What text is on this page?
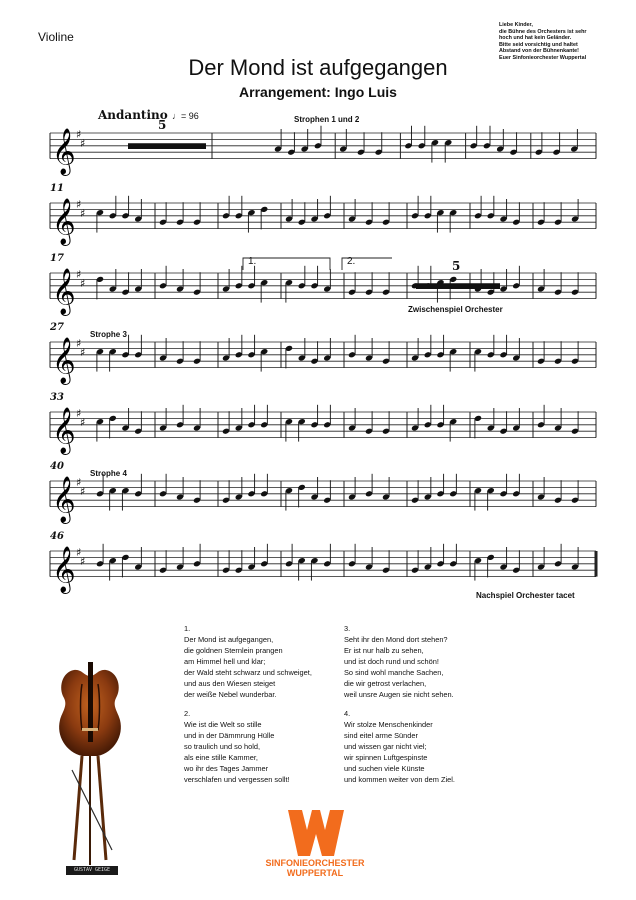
Violine
Der Mond ist aufgegangen
Arrangement: Ingo Luis
Liebe Kinder,
die Bühne des Orchesters ist sehr
hoch und hat kein Geländer.
Bitte seid vorsichtig und haltet
Abstand von der Bühnenkante!
Euer Sinfonieorchester Wuppertal
Andantino ♩= 96
𝄞 ♯
♯
𝄞 ♯
♯
𝄞 ♯
♯
𝄞 ♯
♯
𝄞 ♯
♯
𝄞 ♯
♯
𝄞 ♯
♯
11
17
27
33
40
46
5
5
Strophen 1 und 2
Strophe 3
Strophe 4
Zwischenspiel Orchester
Nachspiel Orchester tacet
1.	2.
1.
Der Mond ist aufgegangen,
die goldnen Sternlein prangen
am Himmel hell und klar;
der Wald steht schwarz und schweiget,
und aus den Wiesen steiget
der weiße Nebel wunderbar.
2.
Wie ist die Welt so stille
und in der Dämmrung Hülle
so traulich und so hold,
als eine stille Kammer,
wo ihr des Tages Jammer
verschlafen und vergessen sollt!
3.
Seht ihr den Mond dort stehen?
Er ist nur halb zu sehen,
und ist doch rund und schön!
So sind wohl manche Sachen,
die wir getrost verlachen,
weil unsre Augen sie nicht sehen.
4.
Wir stolze Menschenkinder
sind eitel arme Sünder
und wissen gar nicht viel;
wir spinnen Luftgespinste
und suchen viele Künste
und kommen weiter von dem Ziel.
GUSTAV GEIGE
SINFONIEORCHESTER
WUPPERTAL
